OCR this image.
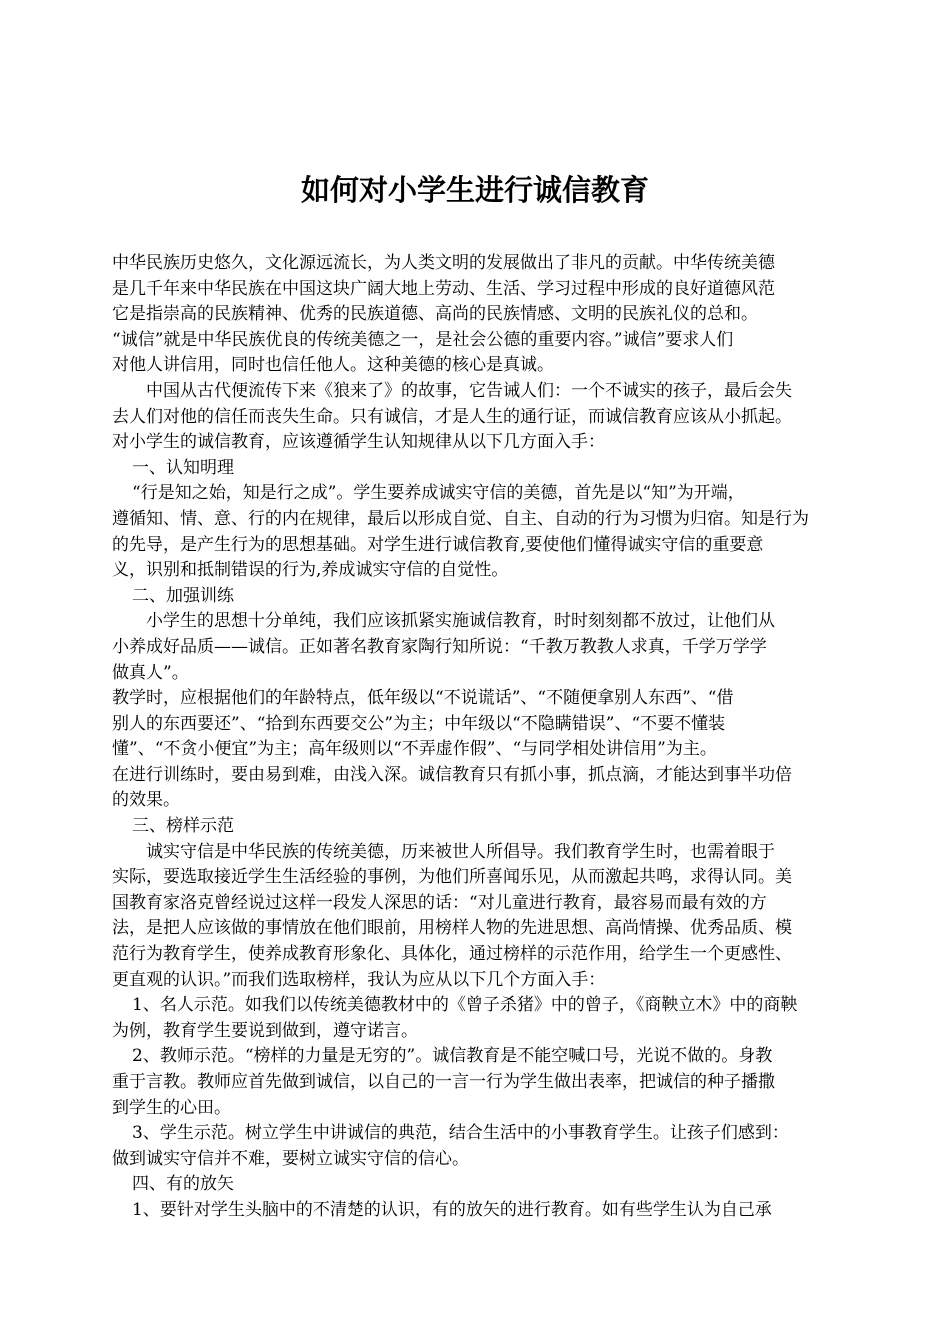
如何对小学生进行诚信教育

中华民族历史悠久，文化源远流长，为人类文明的发展做出了非凡的贡献。中华传统美德

是几千年来中华民族在中国这块广阔大地上劳动、生活、学习过程中形成的良好道德风范

它是指崇高的民族精神、优秀的民族道德、高尚的民族情感、文明的民族礼仪的总和。

“诚信”就是中华民族优良的传统美德之一，是社会公德的重要内容。”诚信”要求人们

对他人讲信用，同时也信任他人。这种美德的核心是真诚。

中国从古代便流传下来《狼来了》的故事，它告诫人们：一个不诚实的孩子，最后会失

去人们对他的信任而丧失生命。只有诚信，才是人生的通行证，而诚信教育应该从小抓起。

对小学生的诚信教育，应该遵循学生认知规律从以下几方面入手：

一、认知明理

“行是知之始，知是行之成”。学生要养成诚实守信的美德，首先是以“知”为开端，

遵循知、情、意、行的内在规律，最后以形成自觉、自主、自动的行为习惯为归宿。知是行为

的先导，是产生行为的思想基础。对学生进行诚信教育,要使他们懂得诚实守信的重要意

义，识别和抵制错误的行为,养成诚实守信的自觉性。

二、加强训练

小学生的思想十分单纯，我们应该抓紧实施诚信教育，时时刻刻都不放过，让他们从

小养成好品质——诚信。正如著名教育家陶行知所说：“千教万教教人求真，千学万学学

做真人”。

教学时，应根据他们的年龄特点，低年级以“不说谎话”、“不随便拿别人东西”、“借

别人的东西要还”、“拾到东西要交公”为主；中年级以“不隐瞒错误”、“不要不懂装

懂”、“不贪小便宜”为主；高年级则以“不弄虚作假”、“与同学相处讲信用”为主。

在进行训练时，要由易到难，由浅入深。诚信教育只有抓小事，抓点滴，才能达到事半功倍

的效果。

三、榜样示范

诚实守信是中华民族的传统美德，历来被世人所倡导。我们教育学生时，也需着眼于

实际，要选取接近学生生活经验的事例，为他们所喜闻乐见，从而激起共鸣，求得认同。美

国教育家洛克曾经说过这样一段发人深思的话：“对儿童进行教育，最容易而最有效的方

法，是把人应该做的事情放在他们眼前，用榜样人物的先进思想、高尚情操、优秀品质、模

范行为教育学生，使养成教育形象化、具体化，通过榜样的示范作用，给学生一个更感性、

更直观的认识。”而我们选取榜样，我认为应从以下几个方面入手：

1、名人示范。如我们以传统美德教材中的《曾子杀猪》中的曾子，《商鞅立木》中的商鞅

为例，教育学生要说到做到，遵守诺言。

2、教师示范。“榜样的力量是无穷的”。诚信教育是不能空喊口号，光说不做的。身教

重于言教。教师应首先做到诚信，以自己的一言一行为学生做出表率，把诚信的种子播撒

到学生的心田。

3、学生示范。树立学生中讲诚信的典范，结合生活中的小事教育学生。让孩子们感到：

做到诚实守信并不难，要树立诚实守信的信心。

四、有的放矢

1、要针对学生头脑中的不清楚的认识，有的放矢的进行教育。如有些学生认为自己承
